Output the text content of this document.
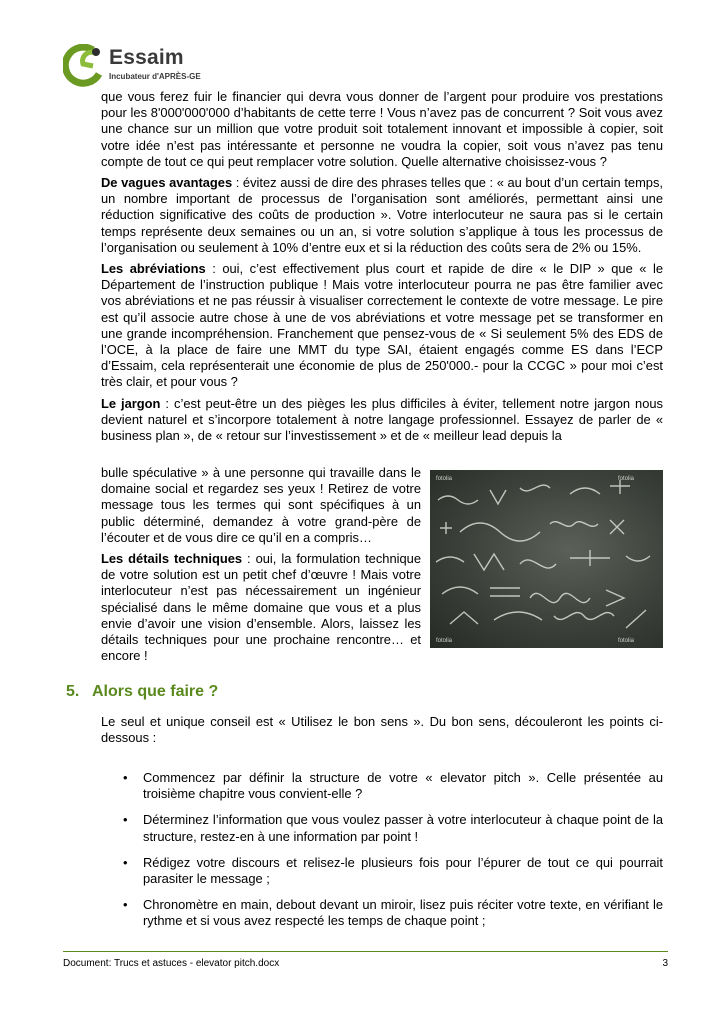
Essaim
Incubateur d'APRÈS-GE

que vous ferez fuir le financier qui devra vous donner de l’argent pour produire vos prestations pour les 8'000'000'000 d’habitants de cette terre ! Vous n’avez pas de concurrent ? Soit vous avez une chance sur un million que votre produit soit totalement innovant et impossible à copier, soit votre idée n’est pas intéressante et personne ne voudra la copier, soit vous n’avez pas tenu compte de tout ce qui peut remplacer votre solution. Quelle alternative choisissez-vous ?

De vagues avantages : évitez aussi de dire des phrases telles que : « au bout d’un certain temps, un nombre important de processus de l’organisation sont améliorés, permettant ainsi une réduction significative des coûts de production ». Votre interlocuteur ne saura pas si le certain temps représente deux semaines ou un an, si votre solution s’applique à tous les processus de l’organisation ou seulement à 10% d’entre eux et si la réduction des coûts sera de 2% ou 15%.

Les abréviations : oui, c’est effectivement plus court et rapide de dire « le DIP » que « le Département de l’instruction publique ! Mais votre interlocuteur pourra ne pas être familier avec vos abréviations et ne pas réussir à visualiser correctement le contexte de votre message. Le pire est qu’il associe autre chose à une de vos abréviations et votre message pet se transformer en une grande incompréhension. Franchement que pensez-vous de « Si seulement 5% des EDS de l’OCE, à la place de faire une MMT du type SAI, étaient engagés comme ES dans l’ECP d’Essaim, cela représenterait une économie de plus de 250'000.- pour la CCGC » pour moi c’est très clair, et pour vous ?

Le jargon : c’est peut-être un des pièges les plus difficiles à éviter, tellement notre jargon nous devient naturel et s’incorpore totalement à notre langage professionnel. Essayez de parler de « business plan », de « retour sur l’investissement » et de « meilleur lead depuis la

bulle spéculative » à une personne qui travaille dans le domaine social et regardez ses yeux ! Retirez de votre message tous les termes qui sont spécifiques à un public déterminé, demandez à votre grand-père de l’écouter et de vous dire ce qu’il en a compris…

Les détails techniques : oui, la formulation technique de votre solution est un petit chef d’œuvre ! Mais votre interlocuteur n’est pas nécessairement un ingénieur spécialisé dans le même domaine que vous et a plus envie d’avoir une vision d’ensemble. Alors, laissez les détails techniques pour une prochaine rencontre… et encore !

fotolia	fotolia
fotolia	fotolia
5. Alors que faire ?

Le seul et unique conseil est « Utilisez le bon sens ». Du bon sens, découleront les points ci-dessous :

• Commencez par définir la structure de votre « elevator pitch ». Celle présentée au troisième chapitre vous convient-elle ?
• Déterminez l’information que vous voulez passer à votre interlocuteur à chaque point de la structure, restez-en à une information par point !
• Rédigez votre discours et relisez-le plusieurs fois pour l’épurer de tout ce qui pourrait parasiter le message ;
• Chronomètre en main, debout devant un miroir, lisez puis réciter votre texte, en vérifiant le rythme et si vous avez respecté les temps de chaque point ;
Document: Trucs et astuces - elevator pitch.docx	3
